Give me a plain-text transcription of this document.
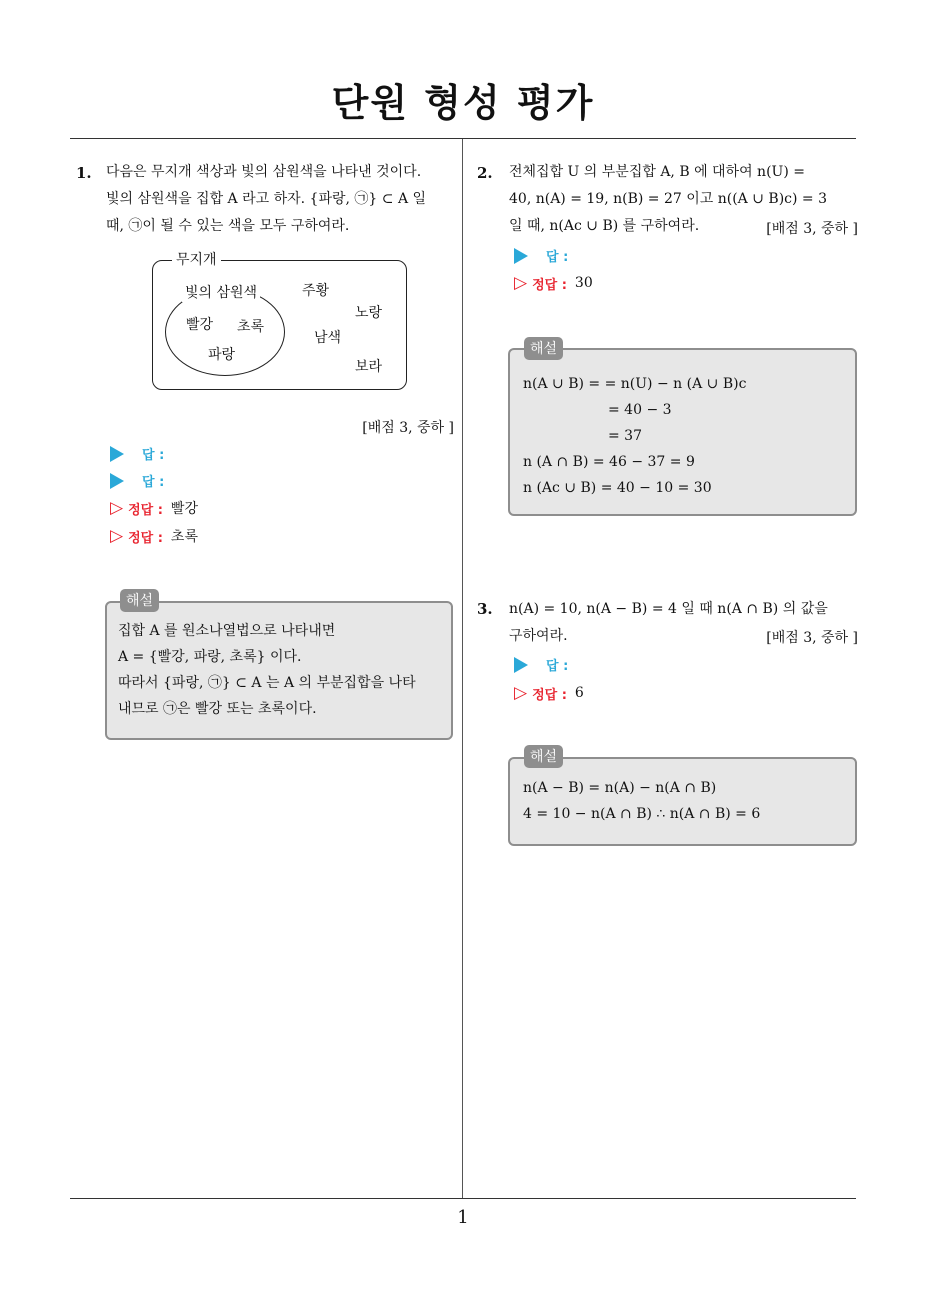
단원 형성 평가
1
1. 다음은 무지개 색상과 빛의 삼원색을 나타낸 것이다.
빛의 삼원색을 집합 A 라고 하자. {파랑, ㉠} ⊂ A 일
때, ㉠이 될 수 있는 색을 모두 구하여라.
무지개
빛의 삼원색
빨강 초록
파랑
주황
노랑
남색
보라
[배점 3, 중하 ]
답 :
답 :
▷ 정답 : 빨강
▷ 정답 : 초록
집합 A 를 원소나열법으로 나타내면
A = {빨강, 파랑, 초록} 이다.
따라서 {파랑, ㉠} ⊂ A 는 A 의 부분집합을 나타
내므로 ㉠은 빨강 또는 초록이다.
해설
2. 전체집합 U 의 부분집합 A, B 에 대하여 n(U) =
40, n(A) = 19, n(B) = 27 이고 n((A ∪ B)c) = 3
일 때, n(Ac ∪ B) 를 구하여라.	[배점 3, 중하 ]
답 :
▷ 정답 : 30
n(A ∪ B) = = n(U) − n (A ∪ B)c
= 40 − 3
= 37
n (A ∩ B) = 46 − 37 = 9
n (Ac ∪ B) = 40 − 10 = 30
해설
3. n(A) = 10, n(A − B) = 4 일 때 n(A ∩ B) 의 값을
구하여라.	[배점 3, 중하 ]
답 :
▷ 정답 : 6
n(A − B) = n(A) − n(A ∩ B)
4 = 10 − n(A ∩ B) ∴ n(A ∩ B) = 6
해설
